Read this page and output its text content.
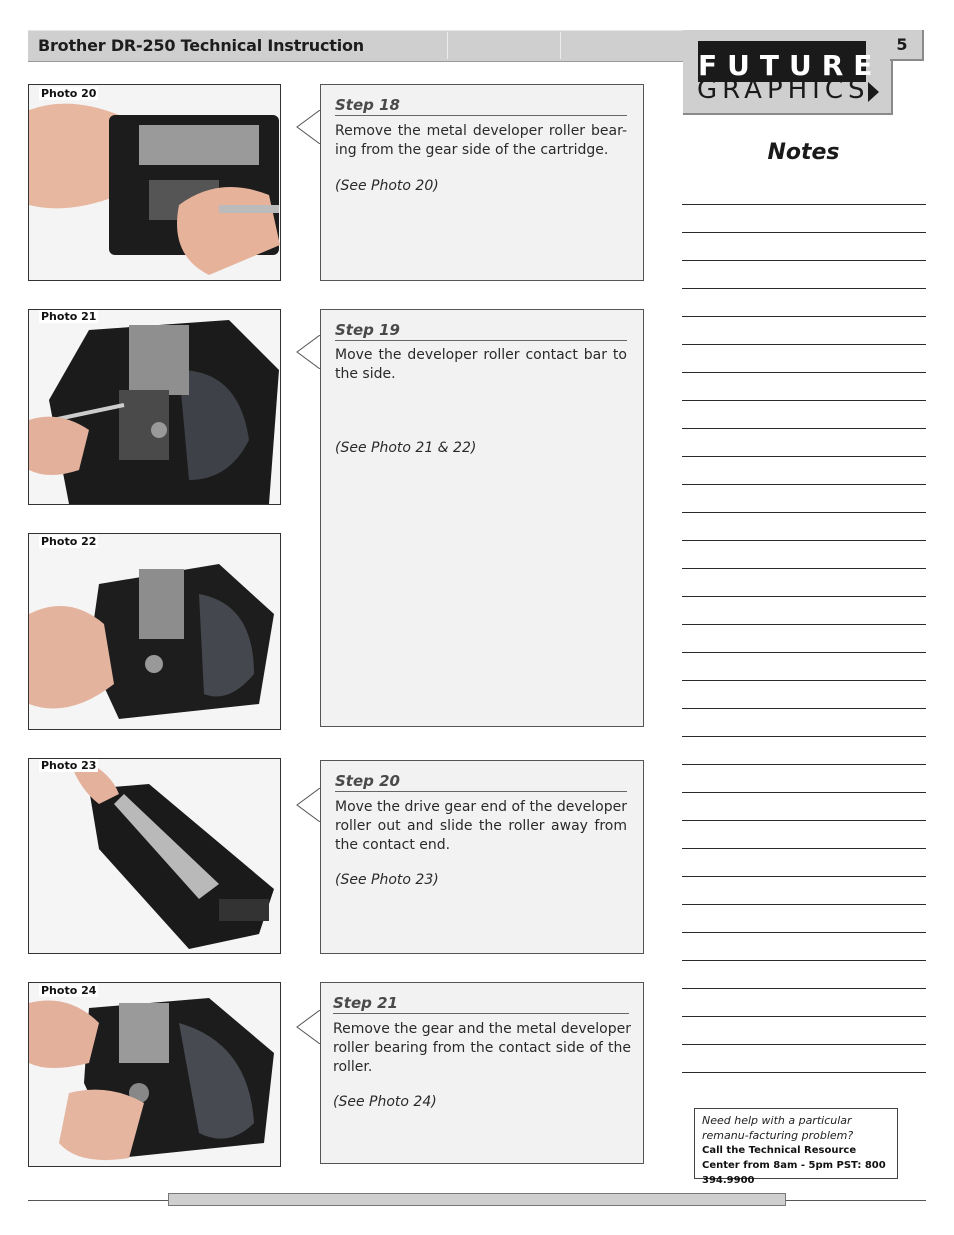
Brother DR-250 Technical Instruction
FUTURE
GRAPHICS
5
Notes
Photo 20
Photo 21
Photo 22
Photo 23
Photo 24
Step 18
Remove the metal developer roller bear-ing from the gear side of the cartridge.
(See Photo 20)
Step 19
Move the developer roller contact bar to the side.
(See Photo 21 & 22)
Step 20
Move the drive gear end of the developer roller out and slide the roller away from the contact end.
(See Photo 23)
Step 21
Remove the gear and the metal developer roller bearing from the contact side of the roller.
(See Photo 24)
Need help with a particular remanu-facturing problem?
Call the Technical Resource Center from 8am - 5pm PST: 800 394.9900
